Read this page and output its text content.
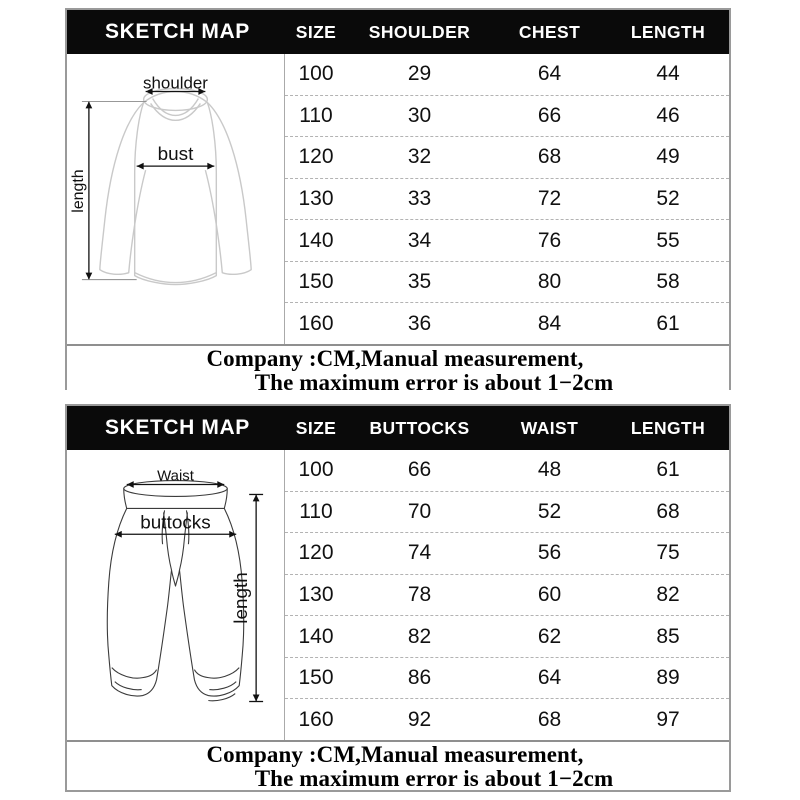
SKETCH MAP	SIZE	SHOULDER	CHEST	LENGTH
shoulder
bust
length
100	29	64	44
110	30	66	46
120	32	68	49
130	33	72	52
140	34	76	55
150	35	80	58
160	36	84	61
Company :CM,Manual measurement,
The maximum error is about 1−2cm
SKETCH MAP	SIZE	BUTTOCKS	WAIST	LENGTH
Waist
buttocks
length
100	66	48	61
110	70	52	68
120	74	56	75
130	78	60	82
140	82	62	85
150	86	64	89
160	92	68	97
Company :CM,Manual measurement,
The maximum error is about 1−2cm
